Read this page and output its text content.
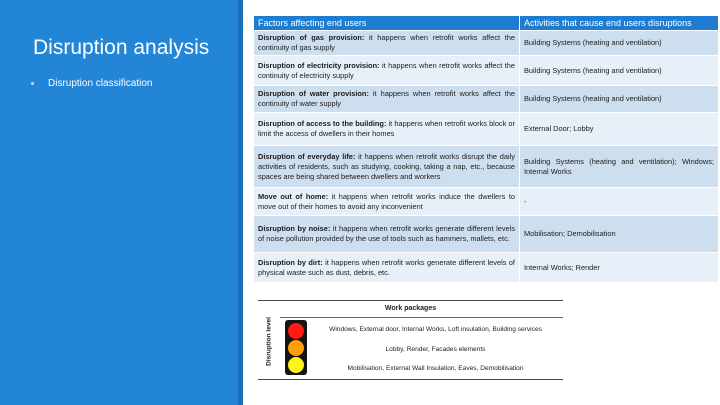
Disruption analysis
Disruption classification
Factors affecting end users	Activities that cause end users disruptions
Disruption of gas provision: it happens when retrofit works affect the continuity of gas supply	Building Systems (heating and ventilation)
Disruption of electricity provision: it happens when retrofit works affect the continuity of electricity supply	Building Systems (heating and ventilation)
Disruption of water provision: it happens when retrofit works affect the continuity of water supply	Building Systems (heating and ventilation)
Disruption of access to the building: it happens when retrofit works block or limit the access of dwellers in their homes	External Door; Lobby
Disruption of everyday life: it happens when retrofit works disrupt the daily activities of residents, such as studying, cooking, taking a nap, etc., because spaces are being shared between dwellers and workers	Building Systems (heating and ventilation); Windows; Internal Works
Move out of home: it happens when retrofit works induce the dwellers to move out of their homes to avoid any inconvenient	-
Disruption by noise: it happens when retrofit works generate different levels of noise pollution provided by the use of tools such as hammers, mallets, etc.	Mobilisation; Demobilisation
Disruption by dirt: it happens when retrofit works generate different levels of physical waste such as dust, debris, etc.	Internal Works; Render
Work packages
Disruption level	Windows, External door, Internal Works, Loft insulation, Building services
Lobby, Render, Facades elements
Mobilisation, External Wall Insulation, Eaves, Demobilisation
